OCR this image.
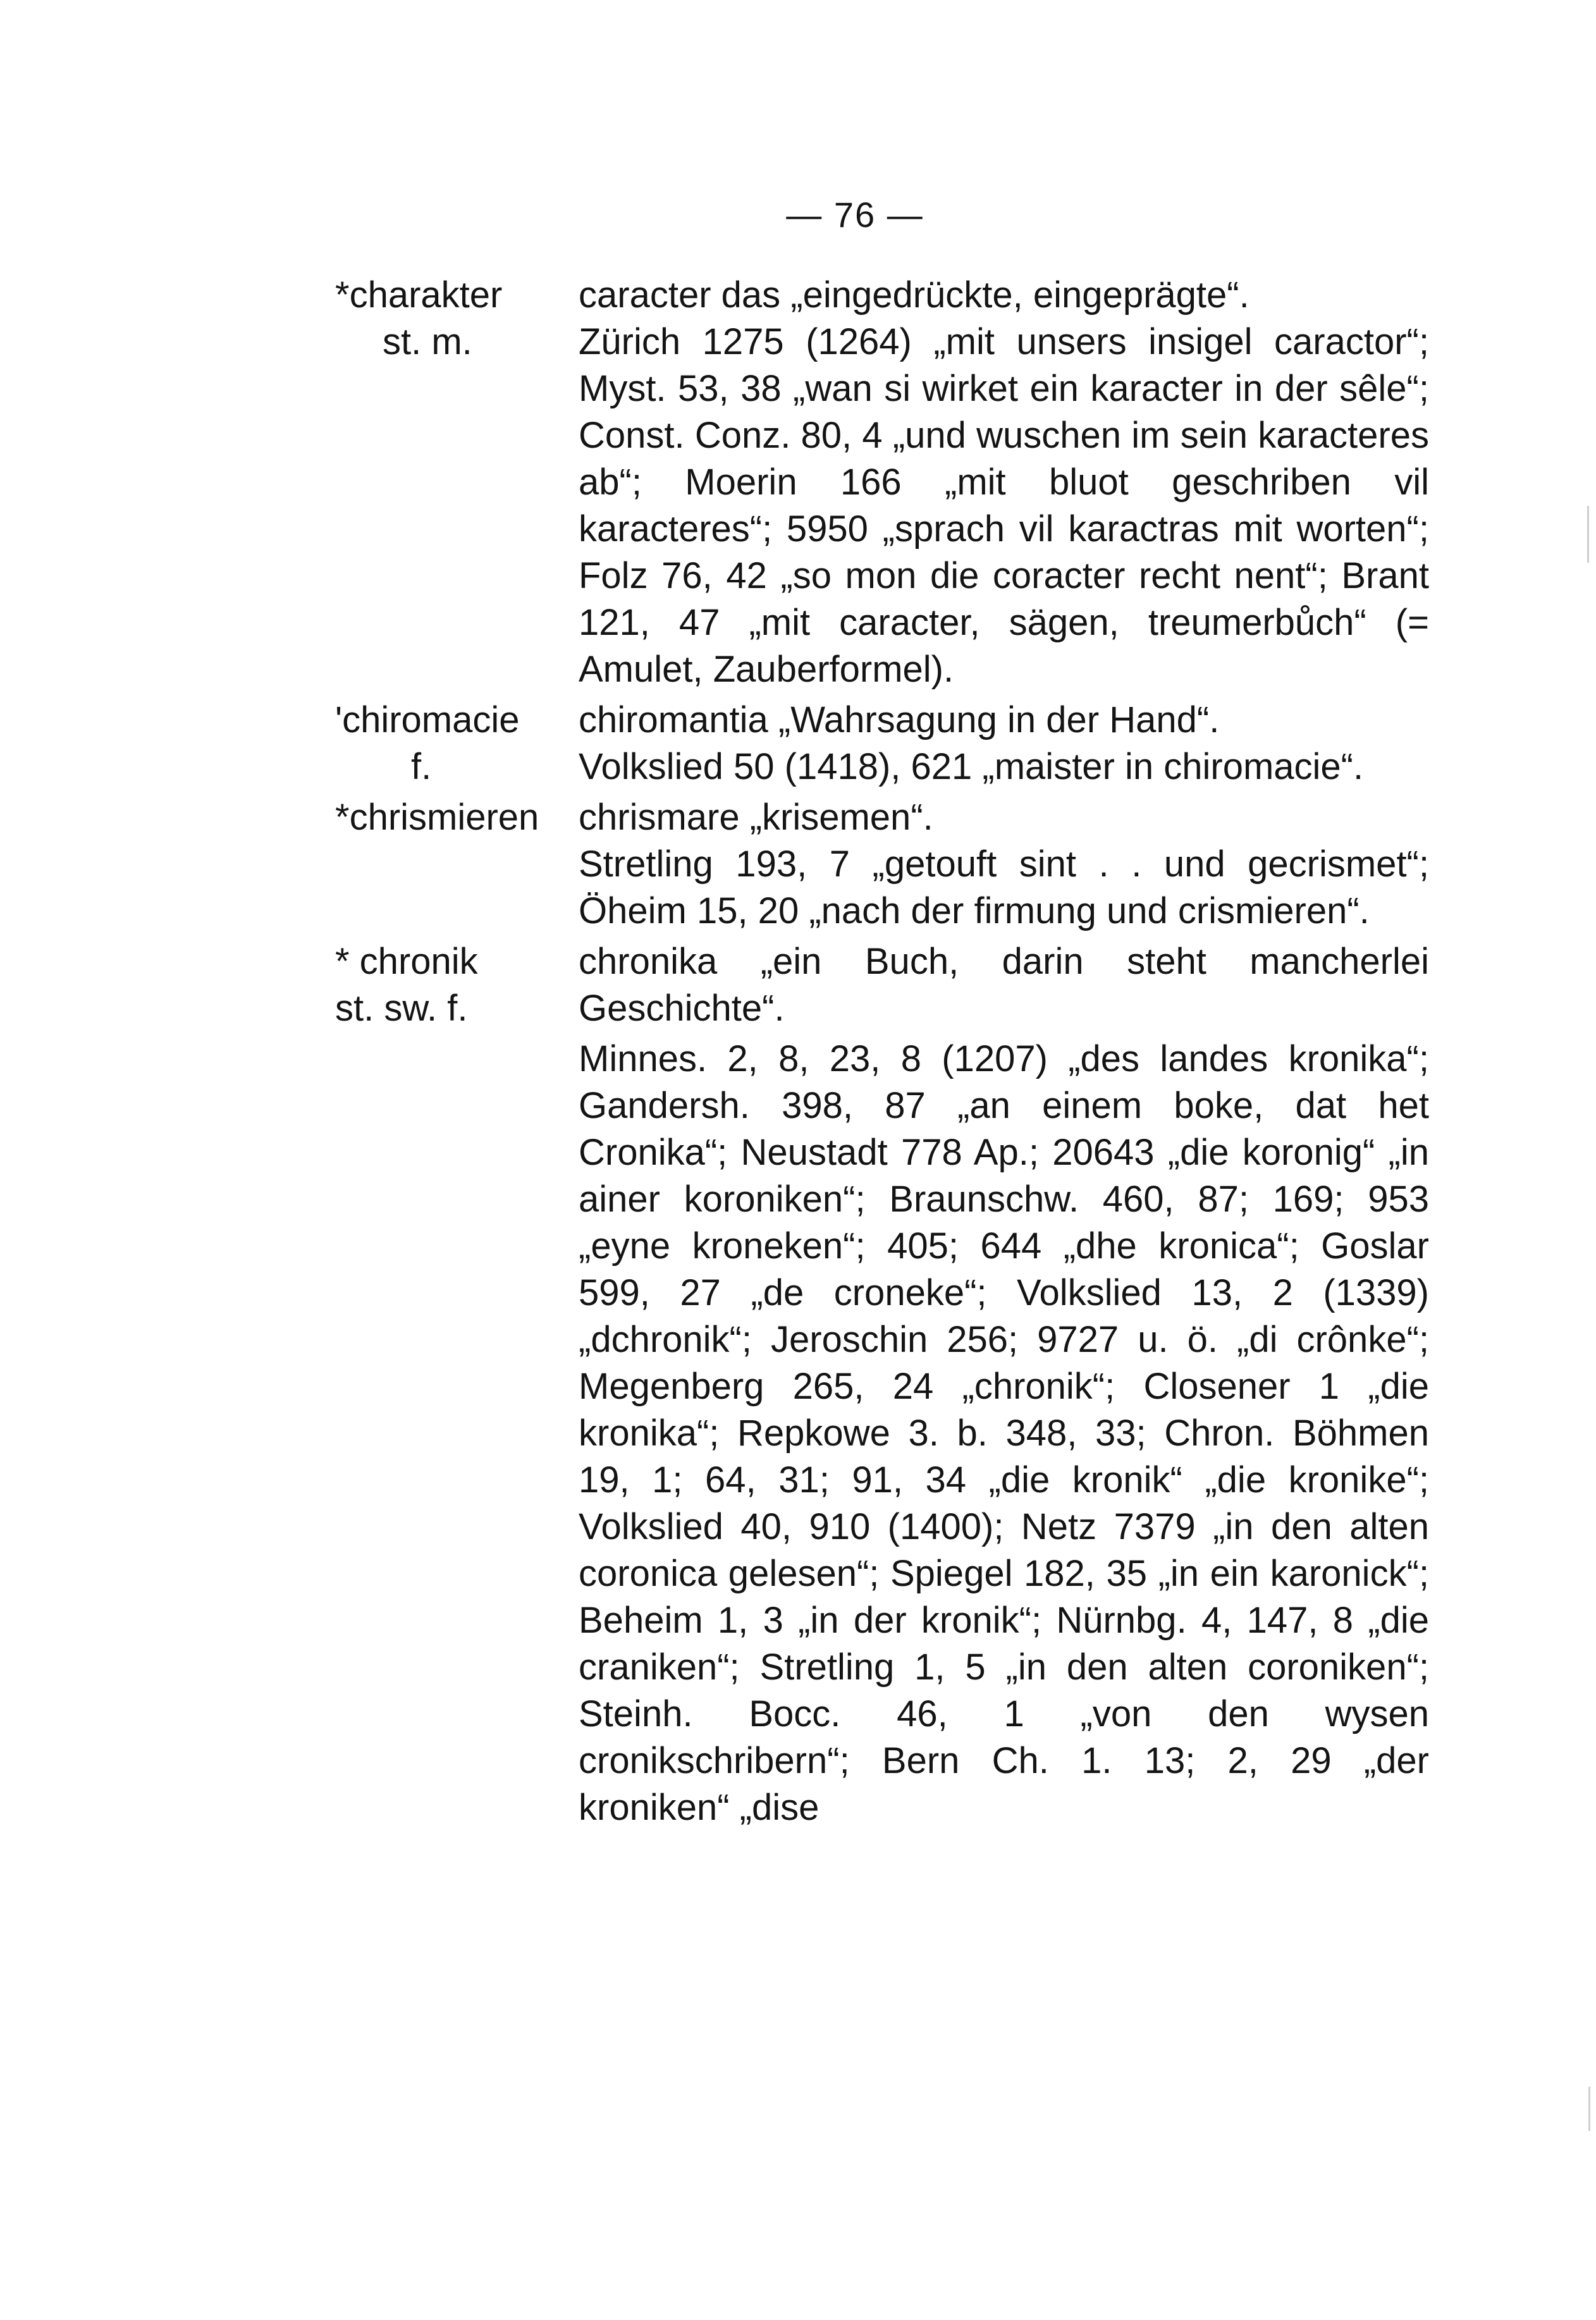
— 76 —
*charakter
st. m.
caracter das „eingedrückte, eingeprägte“.

Zürich 1275 (1264) „mit unsers insigel caractor“; Myst. 53, 38 „wan si wirket ein karacter in der sêle“; Const. Conz. 80, 4 „und wuschen im sein karacteres ab“; Moerin 166 „mit bluot geschriben vil karacteres“; 5950 „sprach vil karactras mit worten“; Folz 76, 42 „so mon die coracter recht nent“; Brant 121, 47 „mit caracter, sägen, treumerbůch“ (= Amulet, Zauberformel).

'chiromacie
f.
chiromantia „Wahrsagung in der Hand“.

Volkslied 50 (1418), 621 „maister in chiromacie“.

*chrismieren	chrismare „krisemen“.

Stretling 193, 7 „getouft sint . . und gecrismet“; Öheim 15, 20 „nach der firmung und crismieren“.

* chronik
st. sw. f.
chronika „ein Buch, darin steht mancherlei Geschichte“.

Minnes. 2, 8, 23, 8 (1207) „des landes kronika“; Gandersh. 398, 87 „an einem boke, dat het Cronika“; Neustadt 778 Ap.; 20643 „die koronig“ „in ainer koroniken“; Braunschw. 460, 87; 169; 953 „eyne kroneken“; 405; 644 „dhe kronica“; Goslar 599, 27 „de croneke“; Volkslied 13, 2 (1339) „dchronik“; Jeroschin 256; 9727 u. ö. „di crônke“; Megenberg 265, 24 „chronik“; Closener 1 „die kronika“; Repkowe 3. b. 348, 33; Chron. Böhmen 19, 1; 64, 31; 91, 34 „die kronik“ „die kronike“; Volkslied 40, 910 (1400); Netz 7379 „in den alten coronica gelesen“; Spiegel 182, 35 „in ein karonick“; Beheim 1, 3 „in der kronik“; Nürnbg. 4, 147, 8 „die craniken“; Stretling 1, 5 „in den alten coroniken“; Steinh. Bocc. 46, 1 „von den wysen cronikschribern“; Bern Ch. 1. 13; 2, 29 „der kroniken“ „dise
